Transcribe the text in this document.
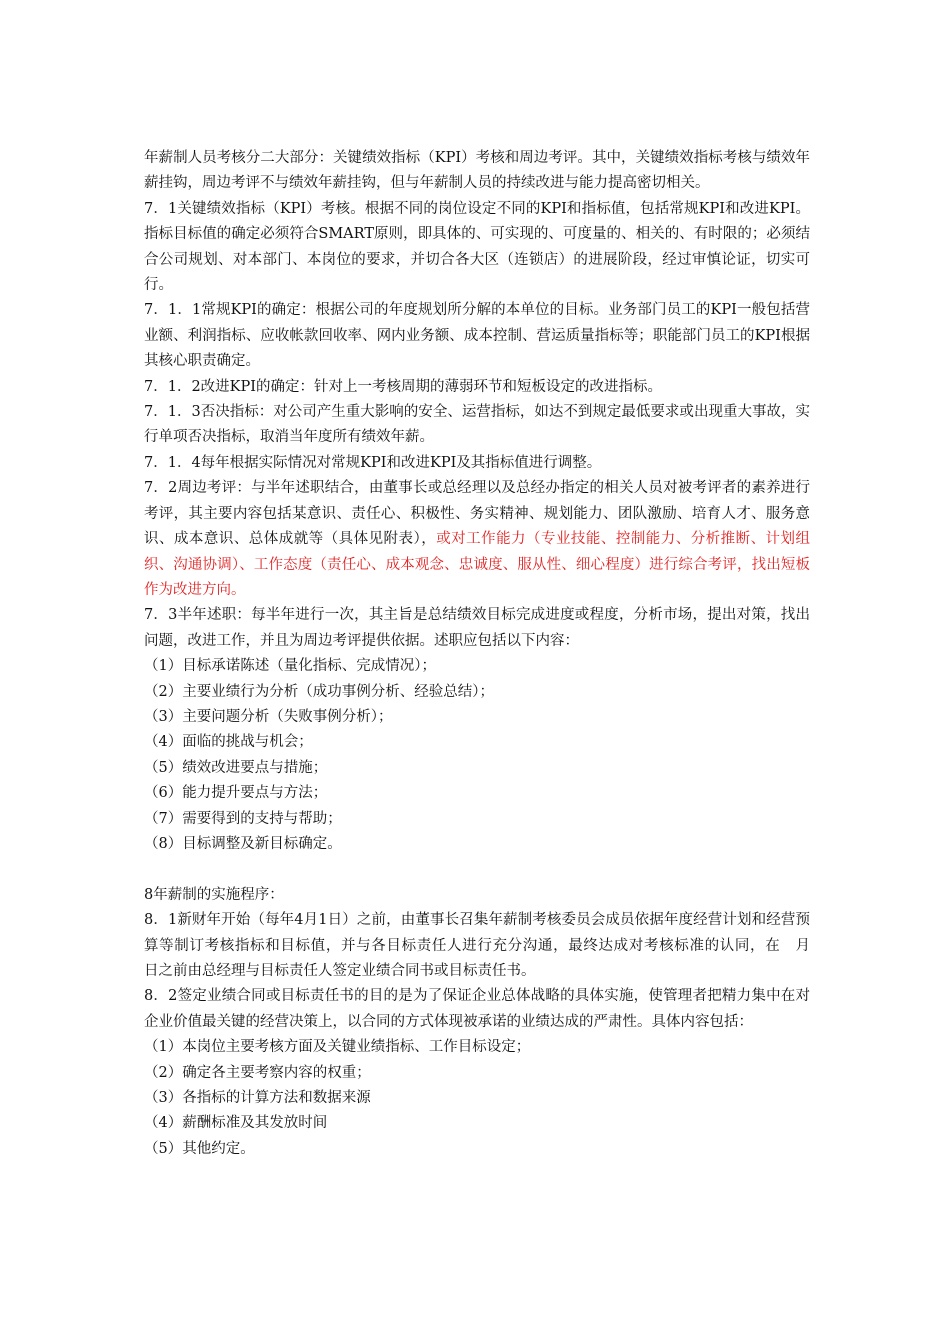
年薪制人员考核分二大部分：关键绩效指标（KPI）考核和周边考评。其中，关键绩效指标考核与绩效年薪挂钩，周边考评不与绩效年薪挂钩，但与年薪制人员的持续改进与能力提高密切相关。

7．1关键绩效指标（KPI）考核。根据不同的岗位设定不同的KPI和指标值，包括常规KPI和改进KPI。指标目标值的确定必须符合SMART原则，即具体的、可实现的、可度量的、相关的、有时限的；必须结合公司规划、对本部门、本岗位的要求，并切合各大区（连锁店）的进展阶段，经过审慎论证，切实可行。

7．1．1常规KPI的确定：根据公司的年度规划所分解的本单位的目标。业务部门员工的KPI一般包括营业额、利润指标、应收帐款回收率、网内业务额、成本控制、营运质量指标等；职能部门员工的KPI根据其核心职责确定。

7．1．2改进KPI的确定：针对上一考核周期的薄弱环节和短板设定的改进指标。

7．1．3否决指标：对公司产生重大影响的安全、运营指标，如达不到规定最低要求或出现重大事故，实行单项否决指标，取消当年度所有绩效年薪。

7．1．4每年根据实际情况对常规KPI和改进KPI及其指标值进行调整。

7．2周边考评：与半年述职结合，由董事长或总经理以及总经办指定的相关人员对被考评者的素养进行考评，其主要内容包括某意识、责任心、积极性、务实精神、规划能力、团队激励、培育人才、服务意识、成本意识、总体成就等（具体见附表），或对工作能力（专业技能、控制能力、分析推断、计划组织、沟通协调）、工作态度（责任心、成本观念、忠诚度、服从性、细心程度）进行综合考评，找出短板作为改进方向。

7．3半年述职：每半年进行一次，其主旨是总结绩效目标完成进度或程度，分析市场，提出对策，找出问题，改进工作，并且为周边考评提供依据。述职应包括以下内容：

（1）目标承诺陈述（量化指标、完成情况）；

（2）主要业绩行为分析（成功事例分析、经验总结）；

（3）主要问题分析（失败事例分析）；

（4）面临的挑战与机会；

（5）绩效改进要点与措施；

（6）能力提升要点与方法；

（7）需要得到的支持与帮助；

（8）目标调整及新目标确定。

8年薪制的实施程序：

8．1新财年开始（每年4月1日）之前，由董事长召集年薪制考核委员会成员依据年度经营计划和经营预算等制订考核指标和目标值，并与各目标责任人进行充分沟通，最终达成对考核标准的认同，在　月　日之前由总经理与目标责任人签定业绩合同书或目标责任书。

8．2签定业绩合同或目标责任书的目的是为了保证企业总体战略的具体实施，使管理者把精力集中在对企业价值最关键的经营决策上，以合同的方式体现被承诺的业绩达成的严肃性。具体内容包括：

（1）本岗位主要考核方面及关键业绩指标、工作目标设定；

（2）确定各主要考察内容的权重；

（3）各指标的计算方法和数据来源

（4）薪酬标准及其发放时间

（5）其他约定。
